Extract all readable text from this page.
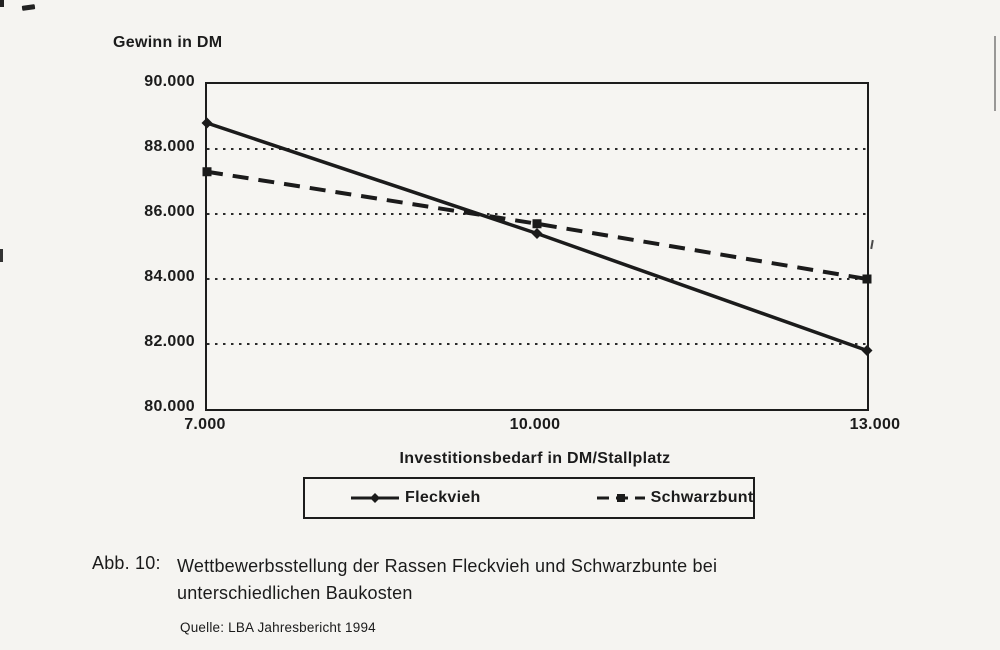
Gewinn in DM
90.000
88.000
86.000
84.000
82.000
80.000
7.000	10.000	13.000
Investitionsbedarf in DM/Stallplatz
Fleckvieh	Schwarzbunt
Abb. 10: Wettbewerbsstellung der Rassen Fleckvieh und Schwarzbunte bei
unterschiedlichen Baukosten
Quelle: LBA Jahresbericht 1994
